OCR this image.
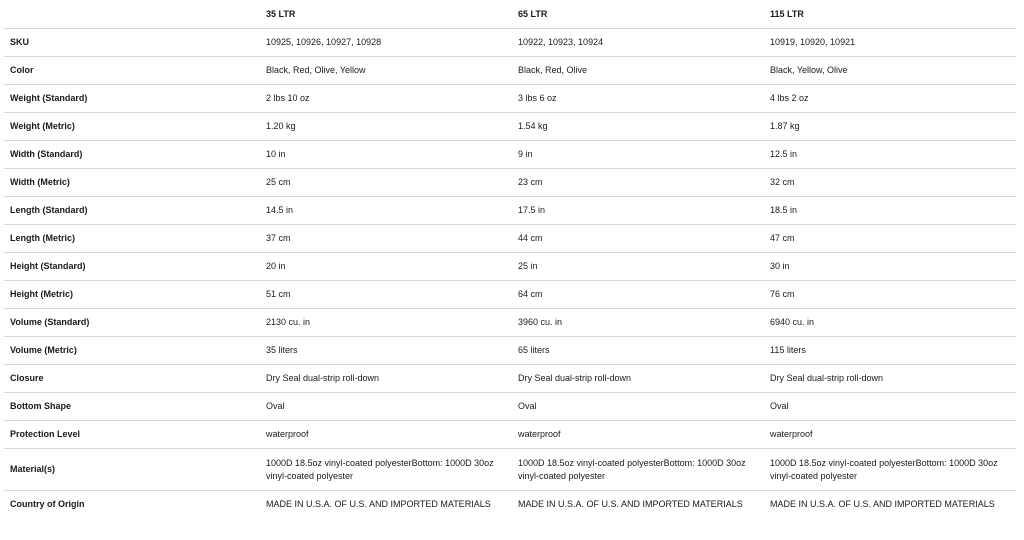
	35 LTR	65 LTR	115 LTR
SKU	10925, 10926, 10927, 10928	10922, 10923, 10924	10919, 10920, 10921
Color	Black, Red, Olive, Yellow	Black, Red, Olive	Black, Yellow, Olive
Weight (Standard)	2 lbs 10 oz	3 lbs 6 oz	4 lbs 2 oz
Weight (Metric)	1.20 kg	1.54 kg	1.87 kg
Width (Standard)	10 in	9 in	12.5 in
Width (Metric)	25 cm	23 cm	32 cm
Length (Standard)	14.5 in	17.5 in	18.5 in
Length (Metric)	37 cm	44 cm	47 cm
Height (Standard)	20 in	25 in	30 in
Height (Metric)	51 cm	64 cm	76 cm
Volume (Standard)	2130 cu. in	3960 cu. in	6940 cu. in
Volume (Metric)	35 liters	65 liters	115 liters
Closure	Dry Seal dual-strip roll-down	Dry Seal dual-strip roll-down	Dry Seal dual-strip roll-down
Bottom Shape	Oval	Oval	Oval
Protection Level	waterproof	waterproof	waterproof
Material(s)	1000D 18.5oz vinyl-coated polyesterBottom: 1000D 30oz vinyl-coated polyester	1000D 18.5oz vinyl-coated polyesterBottom: 1000D 30oz vinyl-coated polyester	1000D 18.5oz vinyl-coated polyesterBottom: 1000D 30oz vinyl-coated polyester
Country of Origin	MADE IN U.S.A. OF U.S. AND IMPORTED MATERIALS	MADE IN U.S.A. OF U.S. AND IMPORTED MATERIALS	MADE IN U.S.A. OF U.S. AND IMPORTED MATERIALS
